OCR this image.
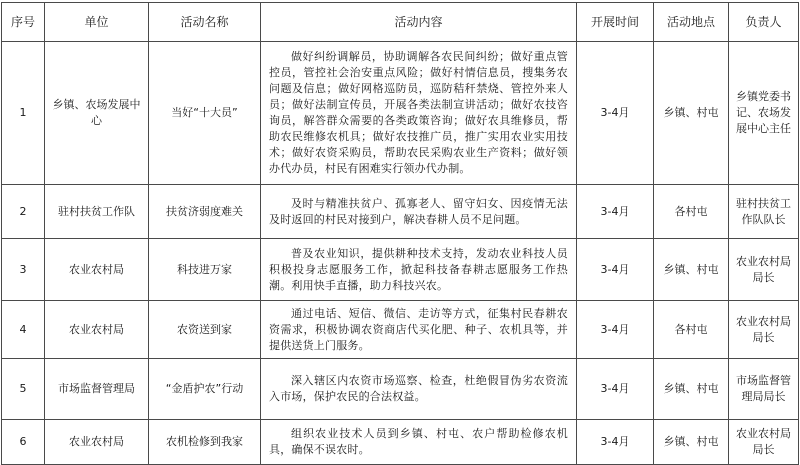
序号	单位	活动名称	活动内容	开展时间	活动地点	负责人
1	乡镇、农场发展中心	当好“十大员”	做好纠纷调解员，协助调解各农民间纠纷；做好重点管控员，管控社会治安重点风险；做好村情信息员，搜集务农问题及信息；做好网格巡防员，巡防秸秆禁烧、管控外来人员；做好法制宣传员，开展各类法制宣讲活动；做好农技咨询员，解答群众需要的各类政策咨询；做好农具维修员，帮助农民维修农机具；做好农技推广员，推广实用农业实用技术；做好农资采购员，帮助农民采购农业生产资料；做好领办代办员，村民有困难实行领办代办制。	3-4月	乡镇、村屯	乡镇党委书记、农场发展中心主任
2	驻村扶贫工作队	扶贫济弱度难关	及时与精准扶贫户、孤寡老人、留守妇女、因疫情无法及时返回的村民对接到户，解决春耕人员不足问题。	3-4月	各村屯	驻村扶贫工作队队长
3	农业农村局	科技进万家	普及农业知识，提供耕种技术支持，发动农业科技人员积极投身志愿服务工作，掀起科技备春耕志愿服务工作热潮。利用快手直播，助力科技兴农。	3-4月	乡镇、村屯	农业农村局局长
4	农业农村局	农资送到家	通过电话、短信、微信、走访等方式，征集村民春耕农资需求，积极协调农资商店代买化肥、种子、农机具等，并提供送货上门服务。	3-4月	各村屯	农业农村局局长
5	市场监督管理局	“金盾护农”行动	深入辖区内农资市场巡察、检查，杜绝假冒伪劣农资流入市场，保护农民的合法权益。	3-4月	乡镇、村屯	市场监督管理局局长
6	农业农村局	农机检修到我家	组织农业技术人员到乡镇、村屯、农户帮助检修农机具，确保不误农时。	3-4月	乡镇、村屯	农业农村局局长
